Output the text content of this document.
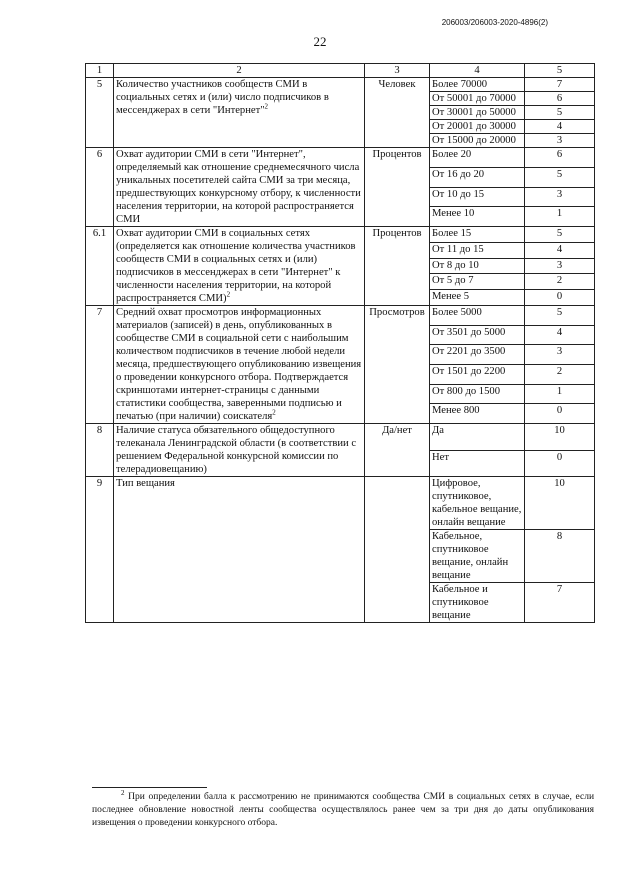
206003/206003-2020-4896(2)
22
1	2	3	4	5
5	Количество участников сообществ СМИ в социальных сетях и (или) число подписчиков в мессенджерах в сети "Интернет"$^2$	Человек	Более 70000	7
			От 50001 до 70000	6
			От 30001 до 50000	5
			От 20001 до 30000	4
			От 15000 до 20000	3
6	Охват аудитории СМИ в сети "Интернет", определяемый как отношение среднемесячного числа уникальных посетителей сайта СМИ за три месяца, предшествующих конкурсному отбору, к численности населения территории, на которой распространяется СМИ	Процентов	Более 20	6
			От 16 до 20	5
			От 10 до 15	3
			Менее 10	1
6.1	Охват аудитории СМИ в социальных сетях (определяется как отношение количества участников сообществ СМИ в социальных сетях и (или) подписчиков в мессенджерах в сети "Интернет" к численности населения территории, на которой распространяется СМИ)$^2$	Процентов	Более 15	5
			От 11 до 15	4
			От 8 до 10	3
			От 5 до 7	2
			Менее 5	0
7	Средний охват просмотров информационных материалов (записей) в день, опубликованных в сообществе СМИ в социальной сети с наибольшим количеством подписчиков в течение любой недели месяца, предшествующего опубликованию извещения о проведении конкурсного отбора. Подтверждается скриншотами интернет-страницы с данными статистики сообщества, заверенными подписью и печатью (при наличии) соискателя$^2$	Просмотров	Более 5000	5
			От 3501 до 5000	4
			От 2201 до 3500	3
			От 1501 до 2200	2
			От 800 до 1500	1
			Менее 800	0
8	Наличие статуса обязательного общедоступного телеканала Ленинградской области (в соответствии с решением Федеральной конкурсной комиссии по телерадиовещанию)	Да/нет	Да	10
			Нет	0
9	Тип вещания		Цифровое, спутниковое, кабельное вещание, онлайн вещание	10
			Кабельное, спутниковое вещание, онлайн вещание	8
			Кабельное и спутниковое вещание	7
$^2$ При определении балла к рассмотрению не принимаются сообщества СМИ в социальных сетях в случае, если последнее обновление новостной ленты сообщества осуществлялось ранее чем за три дня до даты опубликования извещения о проведении конкурсного отбора.
